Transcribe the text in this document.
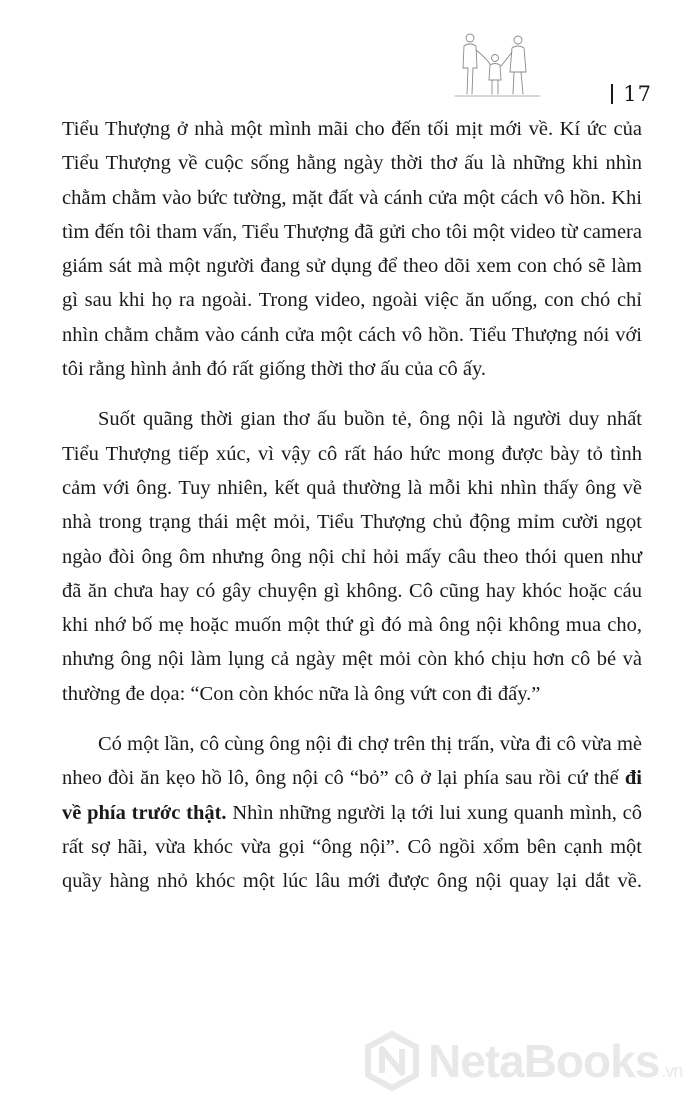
17

Tiểu Thượng ở nhà một mình mãi cho đến tối mịt mới về. Kí ức của Tiểu Thượng về cuộc sống hằng ngày thời thơ ấu là những khi nhìn chằm chằm vào bức tường, mặt đất và cánh cửa một cách vô hồn. Khi tìm đến tôi tham vấn, Tiểu Thượng đã gửi cho tôi một video từ camera giám sát mà một người đang sử dụng để theo dõi xem con chó sẽ làm gì sau khi họ ra ngoài. Trong video, ngoài việc ăn uống, con chó chỉ nhìn chằm chằm vào cánh cửa một cách vô hồn. Tiểu Thượng nói với tôi rằng hình ảnh đó rất giống thời thơ ấu của cô ấy.

Suốt quãng thời gian thơ ấu buồn tẻ, ông nội là người duy nhất Tiểu Thượng tiếp xúc, vì vậy cô rất háo hức mong được bày tỏ tình cảm với ông. Tuy nhiên, kết quả thường là mỗi khi nhìn thấy ông về nhà trong trạng thái mệt mỏi, Tiểu Thượng chủ động mỉm cười ngọt ngào đòi ông ôm nhưng ông nội chỉ hỏi mấy câu theo thói quen như đã ăn chưa hay có gây chuyện gì không. Cô cũng hay khóc hoặc cáu khi nhớ bố mẹ hoặc muốn một thứ gì đó mà ông nội không mua cho, nhưng ông nội làm lụng cả ngày mệt mỏi còn khó chịu hơn cô bé và thường đe dọa: “Con còn khóc nữa là ông vứt con đi đấy.”

Có một lần, cô cùng ông nội đi chợ trên thị trấn, vừa đi cô vừa mè nheo đòi ăn kẹo hồ lô, ông nội cô “bỏ” cô ở lại phía sau rồi cứ thế đi về phía trước thật. Nhìn những người lạ tới lui xung quanh mình, cô rất sợ hãi, vừa khóc vừa gọi “ông nội”. Cô ngồi xổm bên cạnh một quầy hàng nhỏ khóc một lúc lâu mới được ông nội quay lại dắt về.

NetaBooks .vn
